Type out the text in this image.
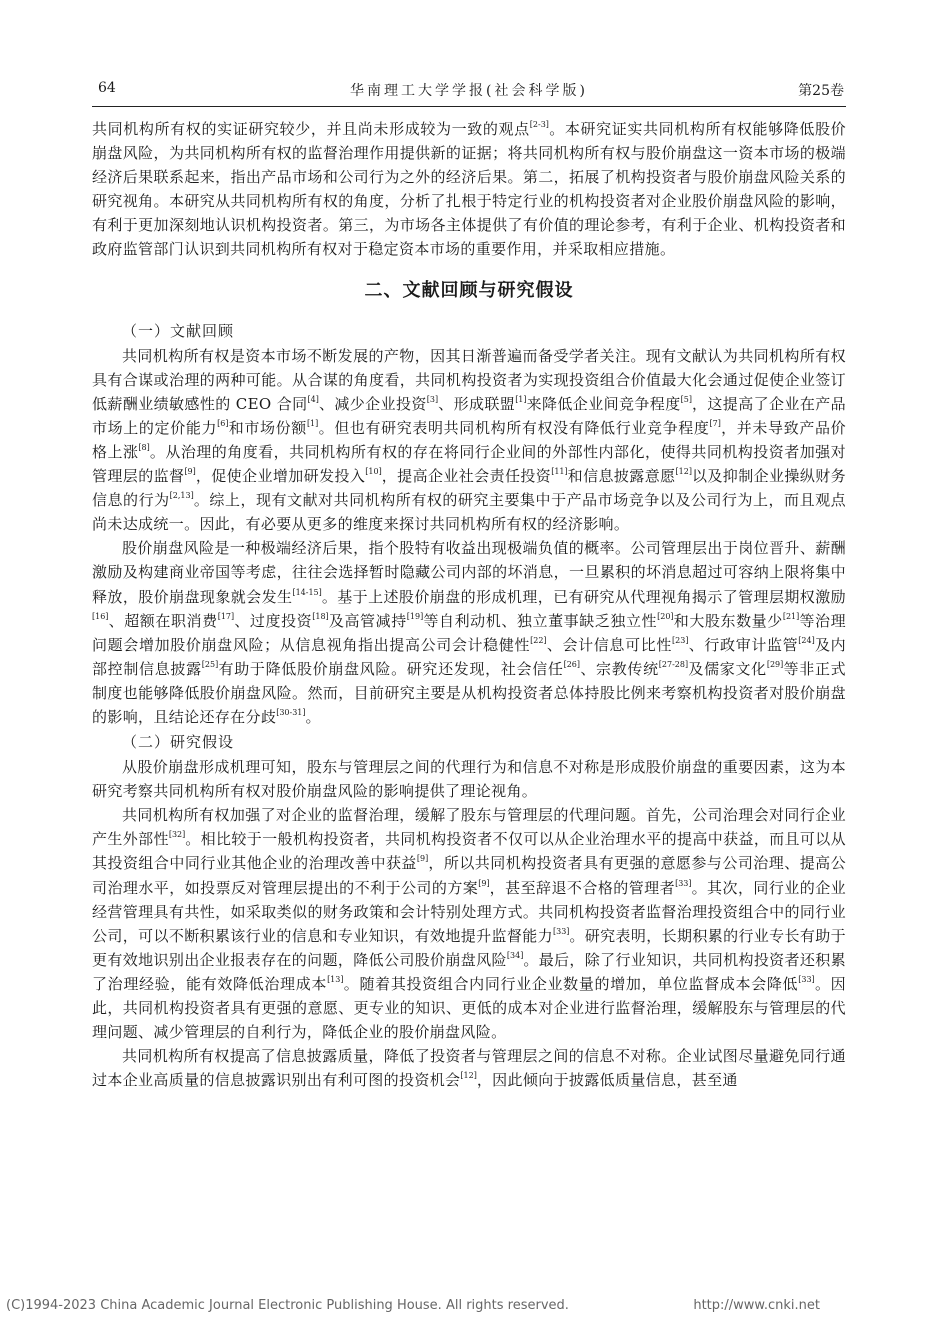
64	华南理工大学学报(社会科学版)	第25卷

共同机构所有权的实证研究较少，并且尚未形成较为一致的观点[2-3]。本研究证实共同机构所有权能够降低股价崩盘风险，为共同机构所有权的监督治理作用提供新的证据；将共同机构所有权与股价崩盘这一资本市场的极端经济后果联系起来，指出产品市场和公司行为之外的经济后果。第二，拓展了机构投资者与股价崩盘风险关系的研究视角。本研究从共同机构所有权的角度，分析了扎根于特定行业的机构投资者对企业股价崩盘风险的影响，有利于更加深刻地认识机构投资者。第三，为市场各主体提供了有价值的理论参考，有利于企业、机构投资者和政府监管部门认识到共同机构所有权对于稳定资本市场的重要作用，并采取相应措施。

二、文献回顾与研究假设
（一）文献回顾

共同机构所有权是资本市场不断发展的产物，因其日渐普遍而备受学者关注。现有文献认为共同机构所有权具有合谋或治理的两种可能。从合谋的角度看，共同机构投资者为实现投资组合价值最大化会通过促使企业签订低薪酬业绩敏感性的 CEO 合同[4]、减少企业投资[3]、形成联盟[1]来降低企业间竞争程度[5]，这提高了企业在产品市场上的定价能力[6]和市场份额[1]。但也有研究表明共同机构所有权没有降低行业竞争程度[7]，并未导致产品价格上涨[8]。从治理的角度看，共同机构所有权的存在将同行企业间的外部性内部化，使得共同机构投资者加强对管理层的监督[9]，促使企业增加研发投入[10]，提高企业社会责任投资[11]和信息披露意愿[12]以及抑制企业操纵财务信息的行为[2,13]。综上，现有文献对共同机构所有权的研究主要集中于产品市场竞争以及公司行为上，而且观点尚未达成统一。因此，有必要从更多的维度来探讨共同机构所有权的经济影响。

股价崩盘风险是一种极端经济后果，指个股特有收益出现极端负值的概率。公司管理层出于岗位晋升、薪酬激励及构建商业帝国等考虑，往往会选择暂时隐藏公司内部的坏消息，一旦累积的坏消息超过可容纳上限将集中释放，股价崩盘现象就会发生[14-15]。基于上述股价崩盘的形成机理，已有研究从代理视角揭示了管理层期权激励[16]、超额在职消费[17]、过度投资[18]及高管减持[19]等自利动机、独立董事缺乏独立性[20]和大股东数量少[21]等治理问题会增加股价崩盘风险；从信息视角指出提高公司会计稳健性[22]、会计信息可比性[23]、行政审计监管[24]及内部控制信息披露[25]有助于降低股价崩盘风险。研究还发现，社会信任[26]、宗教传统[27-28]及儒家文化[29]等非正式制度也能够降低股价崩盘风险。然而，目前研究主要是从机构投资者总体持股比例来考察机构投资者对股价崩盘的影响，且结论还存在分歧[30-31]。

（二）研究假设

从股价崩盘形成机理可知，股东与管理层之间的代理行为和信息不对称是形成股价崩盘的重要因素，这为本研究考察共同机构所有权对股价崩盘风险的影响提供了理论视角。

共同机构所有权加强了对企业的监督治理，缓解了股东与管理层的代理问题。首先，公司治理会对同行企业产生外部性[32]。相比较于一般机构投资者，共同机构投资者不仅可以从企业治理水平的提高中获益，而且可以从其投资组合中同行业其他企业的治理改善中获益[9]，所以共同机构投资者具有更强的意愿参与公司治理、提高公司治理水平，如投票反对管理层提出的不利于公司的方案[9]，甚至辞退不合格的管理者[33]。其次，同行业的企业经营管理具有共性，如采取类似的财务政策和会计特别处理方式。共同机构投资者监督治理投资组合中的同行业公司，可以不断积累该行业的信息和专业知识，有效地提升监督能力[33]。研究表明，长期积累的行业专长有助于更有效地识别出企业报表存在的问题，降低公司股价崩盘风险[34]。最后，除了行业知识，共同机构投资者还积累了治理经验，能有效降低治理成本[13]。随着其投资组合内同行业企业数量的增加，单位监督成本会降低[33]。因此，共同机构投资者具有更强的意愿、更专业的知识、更低的成本对企业进行监督治理，缓解股东与管理层的代理问题、减少管理层的自利行为，降低企业的股价崩盘风险。

共同机构所有权提高了信息披露质量，降低了投资者与管理层之间的信息不对称。企业试图尽量避免同行通过本企业高质量的信息披露识别出有利可图的投资机会[12]，因此倾向于披露低质量信息，甚至通

(C)1994-2023 China Academic Journal Electronic Publishing House. All rights reserved.	http://www.cnki.net
